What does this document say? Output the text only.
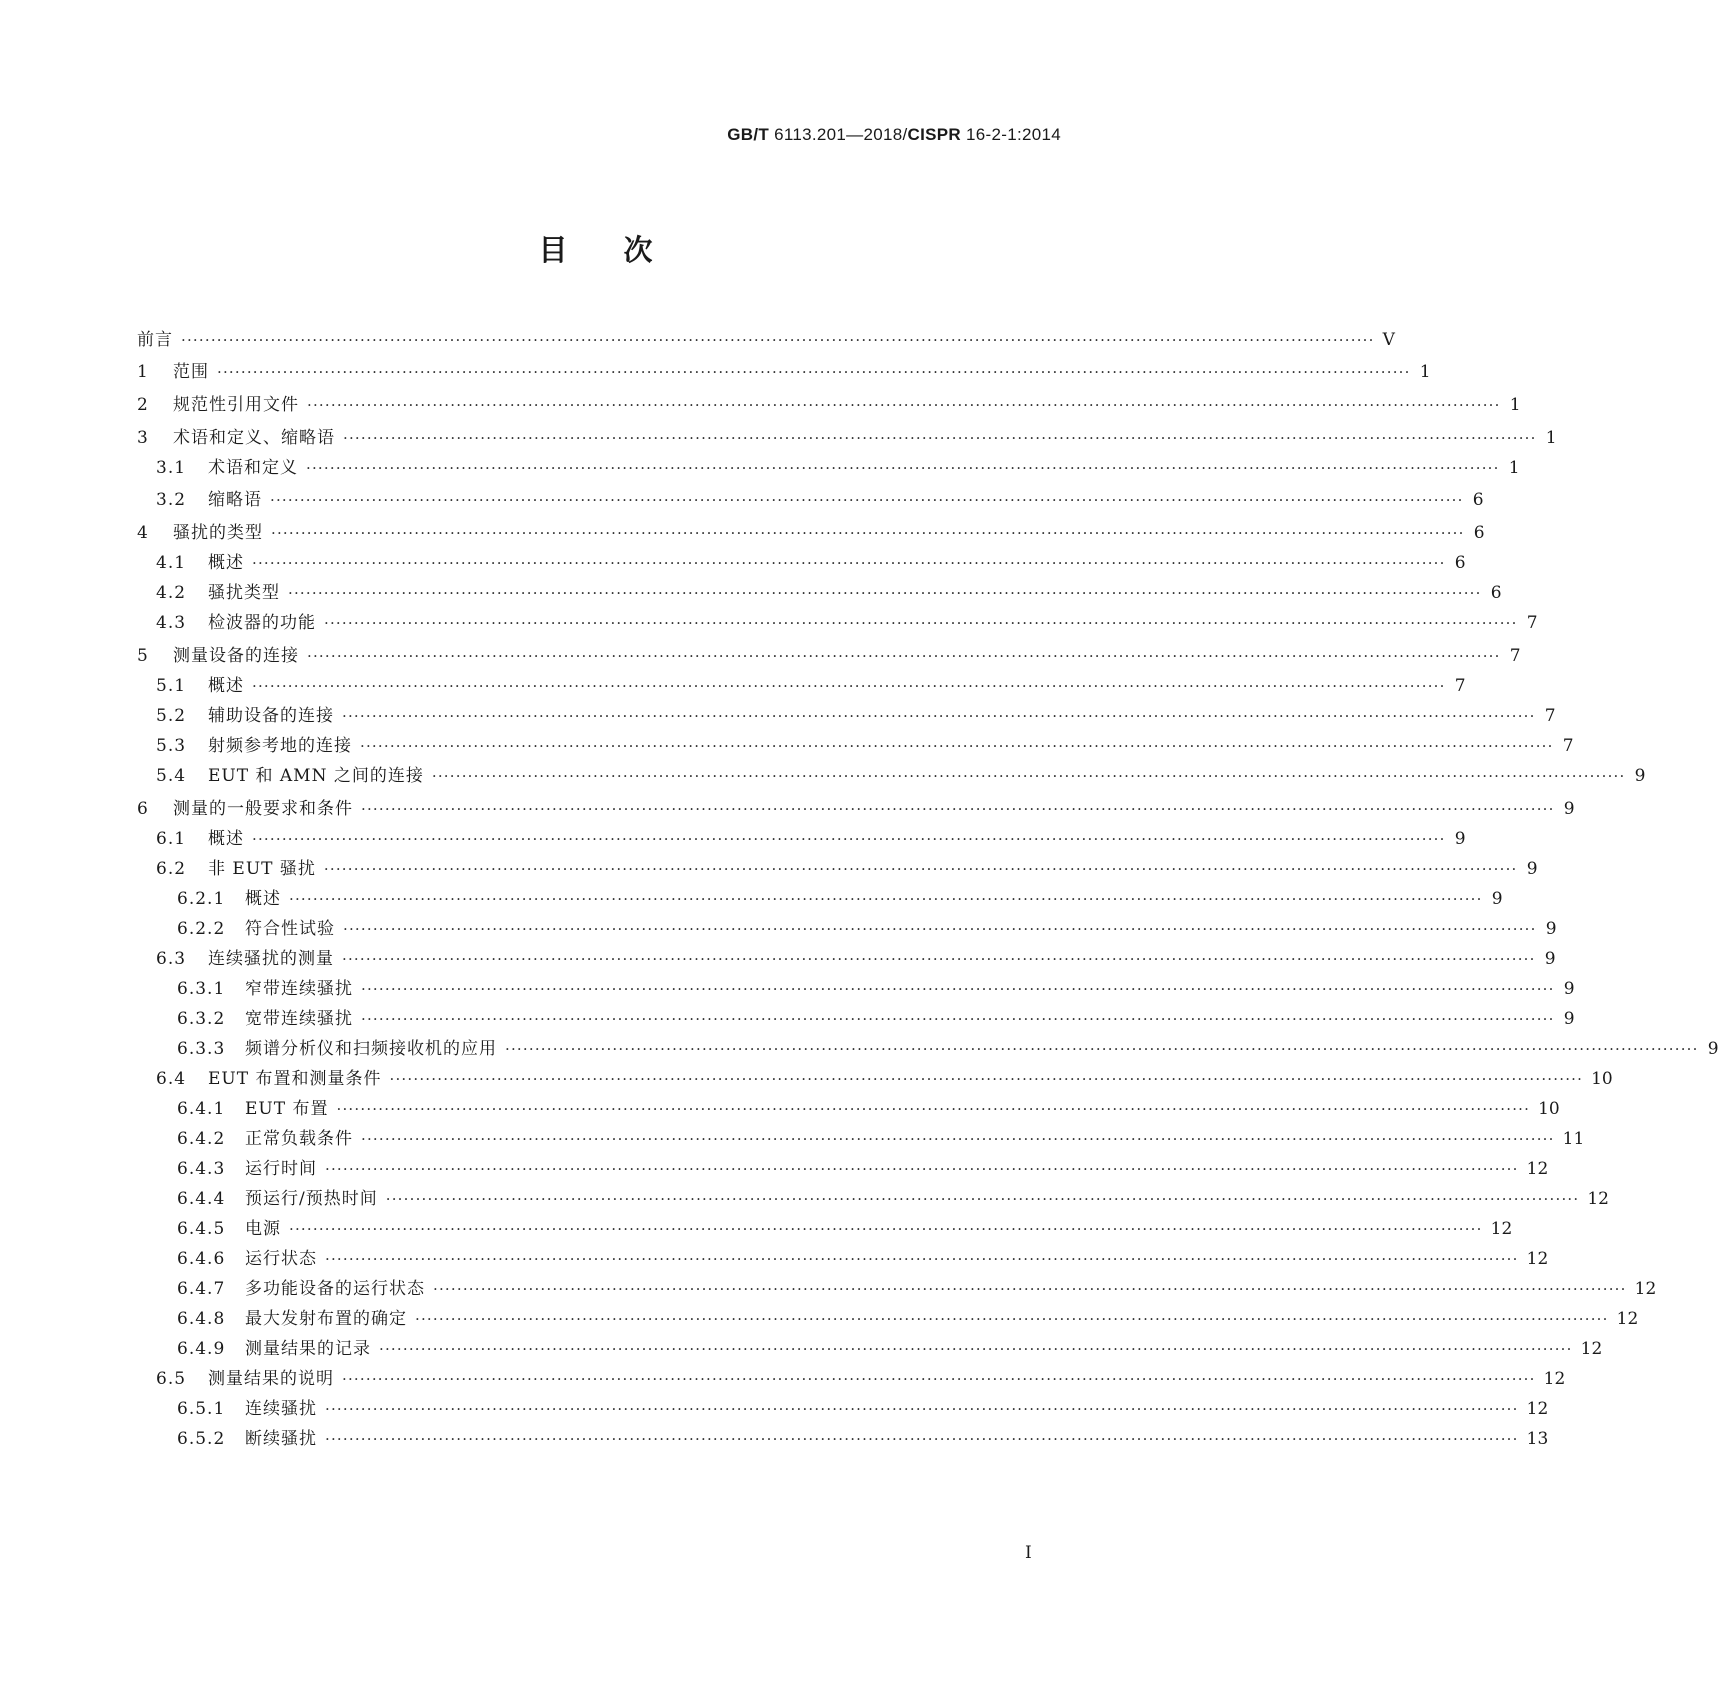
GB/T 6113.201—2018/CISPR 16-2-1:2014
目次
前言 ········································································································································································································ V
1 范围 ········································································································································································································ 1
2 规范性引用文件 ········································································································································································································ 1
3 术语和定义、缩略语 ········································································································································································································ 1
3.1 术语和定义 ········································································································································································································ 1
3.2 缩略语 ········································································································································································································ 6
4 骚扰的类型 ········································································································································································································ 6
4.1 概述 ········································································································································································································ 6
4.2 骚扰类型 ········································································································································································································ 6
4.3 检波器的功能 ········································································································································································································ 7
5 测量设备的连接 ········································································································································································································ 7
5.1 概述 ········································································································································································································ 7
5.2 辅助设备的连接 ········································································································································································································ 7
5.3 射频参考地的连接 ········································································································································································································ 7
5.4 EUT 和 AMN 之间的连接 ········································································································································································································ 9
6 测量的一般要求和条件 ········································································································································································································ 9
6.1 概述 ········································································································································································································ 9
6.2 非 EUT 骚扰 ········································································································································································································ 9
6.2.1 概述 ········································································································································································································ 9
6.2.2 符合性试验 ········································································································································································································ 9
6.3 连续骚扰的测量 ········································································································································································································ 9
6.3.1 窄带连续骚扰 ········································································································································································································ 9
6.3.2 宽带连续骚扰 ········································································································································································································ 9
6.3.3 频谱分析仪和扫频接收机的应用 ········································································································································································································ 9
6.4 EUT 布置和测量条件 ········································································································································································································ 10
6.4.1 EUT 布置 ········································································································································································································ 10
6.4.2 正常负载条件 ········································································································································································································ 11
6.4.3 运行时间 ········································································································································································································ 12
6.4.4 预运行/预热时间 ········································································································································································································ 12
6.4.5 电源 ········································································································································································································ 12
6.4.6 运行状态 ········································································································································································································ 12
6.4.7 多功能设备的运行状态 ········································································································································································································ 12
6.4.8 最大发射布置的确定 ········································································································································································································ 12
6.4.9 测量结果的记录 ········································································································································································································ 12
6.5 测量结果的说明 ········································································································································································································ 12
6.5.1 连续骚扰 ········································································································································································································ 12
6.5.2 断续骚扰 ········································································································································································································ 13
I
